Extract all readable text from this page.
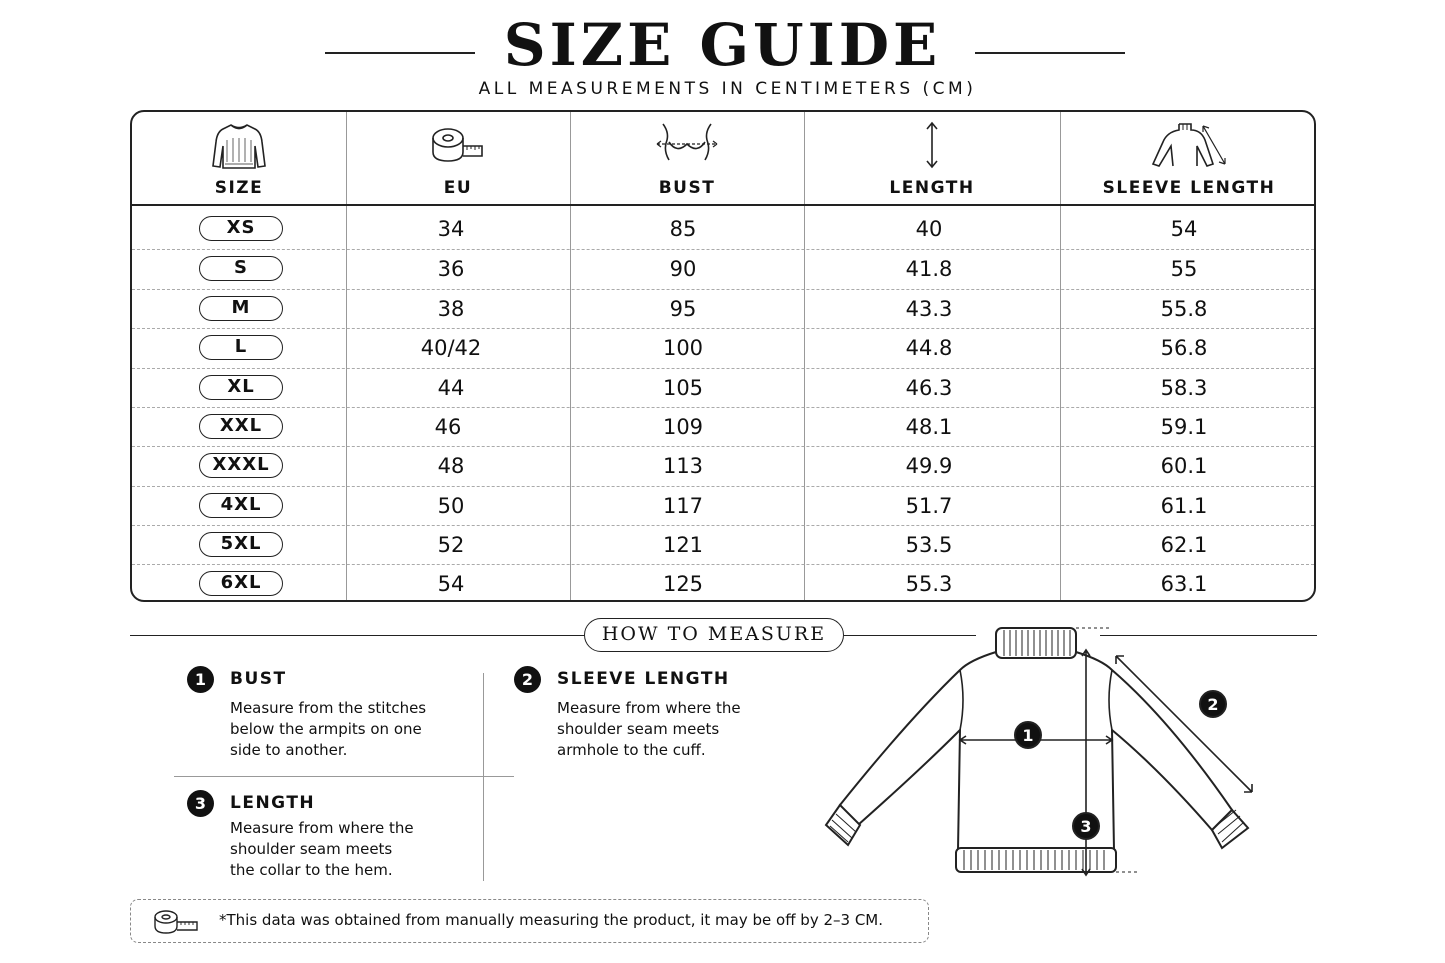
SIZE GUIDE
ALL MEASUREMENTS IN CENTIMETERS (CM)
SIZE	EU	BUST	LENGTH	SLEEVE LENGTH
XS	34	85	40	54
S	36	90	41.8	55
M	38	95	43.3	55.8
L	40/42	100	44.8	56.8
XL	44	105	46.3	58.3
XXL	46	109	48.1	59.1
XXXL	48	113	49.9	60.1
4XL	50	117	51.7	61.1
5XL	52	121	53.5	62.1
6XL	54	125	55.3	63.1
HOW TO MEASURE
1	BUST
Measure from the stitches
below the armpits on one
side to another.
2	SLEEVE LENGTH
Measure from where the
shoulder seam meets
armhole to the cuff.
3	LENGTH
Measure from where the
shoulder seam meets
the collar to the hem.
1
2
3
*This data was obtained from manually measuring the product, it may be off by 2–3 CM.
